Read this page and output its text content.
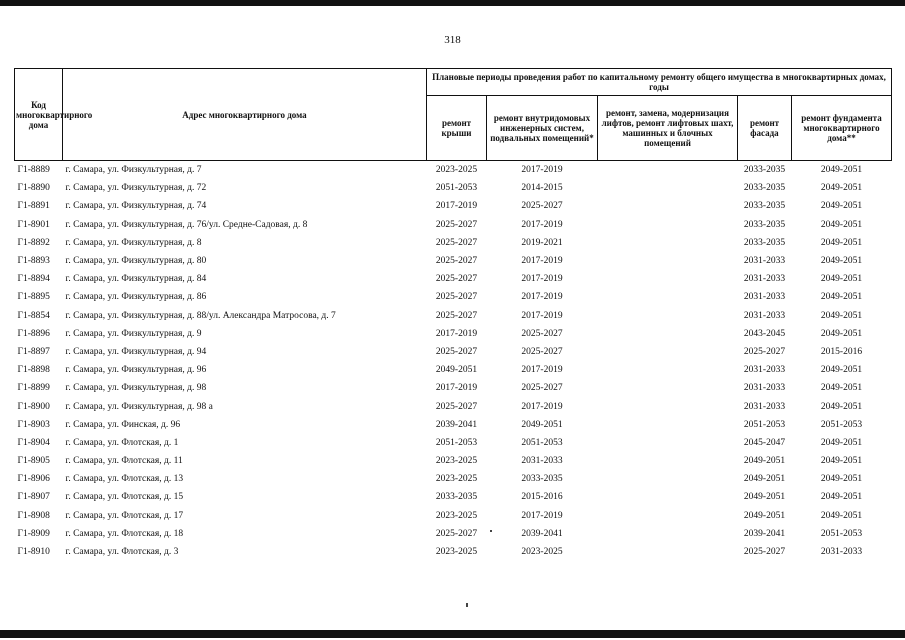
318
Код многоквартирного дома	Адрес многоквартирного дома	Плановые периоды проведения работ по капитальному ремонту общего имущества в многоквартирных домах, годы				
		ремонт крыши	ремонт внутридомовых инженерных систем, подвальных помещений*	ремонт, замена, модернизация лифтов, ремонт лифтовых шахт, машинных и блочных помещений	ремонт фасада	ремонт фундамента многоквартирного дома**
Г1-8889	г. Самара, ул. Физкультурная, д. 7	2023-2025	2017-2019		2033-2035	2049-2051
Г1-8890	г. Самара, ул. Физкультурная, д. 72	2051-2053	2014-2015		2033-2035	2049-2051
Г1-8891	г. Самара, ул. Физкультурная, д. 74	2017-2019	2025-2027		2033-2035	2049-2051
Г1-8901	г. Самара, ул. Физкультурная, д. 76/ул. Средне-Садовая, д. 8	2025-2027	2017-2019		2033-2035	2049-2051
Г1-8892	г. Самара, ул. Физкультурная, д. 8	2025-2027	2019-2021		2033-2035	2049-2051
Г1-8893	г. Самара, ул. Физкультурная, д. 80	2025-2027	2017-2019		2031-2033	2049-2051
Г1-8894	г. Самара, ул. Физкультурная, д. 84	2025-2027	2017-2019		2031-2033	2049-2051
Г1-8895	г. Самара, ул. Физкультурная, д. 86	2025-2027	2017-2019		2031-2033	2049-2051
Г1-8854	г. Самара, ул. Физкультурная, д. 88/ул. Александра Матросова, д. 7	2025-2027	2017-2019		2031-2033	2049-2051
Г1-8896	г. Самара, ул. Физкультурная, д. 9	2017-2019	2025-2027		2043-2045	2049-2051
Г1-8897	г. Самара, ул. Физкультурная, д. 94	2025-2027	2025-2027		2025-2027	2015-2016
Г1-8898	г. Самара, ул. Физкультурная, д. 96	2049-2051	2017-2019		2031-2033	2049-2051
Г1-8899	г. Самара, ул. Физкультурная, д. 98	2017-2019	2025-2027		2031-2033	2049-2051
Г1-8900	г. Самара, ул. Физкультурная, д. 98 а	2025-2027	2017-2019		2031-2033	2049-2051
Г1-8903	г. Самара, ул. Финская, д. 96	2039-2041	2049-2051		2051-2053	2051-2053
Г1-8904	г. Самара, ул. Флотская, д. 1	2051-2053	2051-2053		2045-2047	2049-2051
Г1-8905	г. Самара, ул. Флотская, д. 11	2023-2025	2031-2033		2049-2051	2049-2051
Г1-8906	г. Самара, ул. Флотская, д. 13	2023-2025	2033-2035		2049-2051	2049-2051
Г1-8907	г. Самара, ул. Флотская, д. 15	2033-2035	2015-2016		2049-2051	2049-2051
Г1-8908	г. Самара, ул. Флотская, д. 17	2023-2025	2017-2019		2049-2051	2049-2051
Г1-8909	г. Самара, ул. Флотская, д. 18	2025-2027	2039-2041		2039-2041	2051-2053
Г1-8910	г. Самара, ул. Флотская, д. 3	2023-2025	2023-2025		2025-2027	2031-2033
